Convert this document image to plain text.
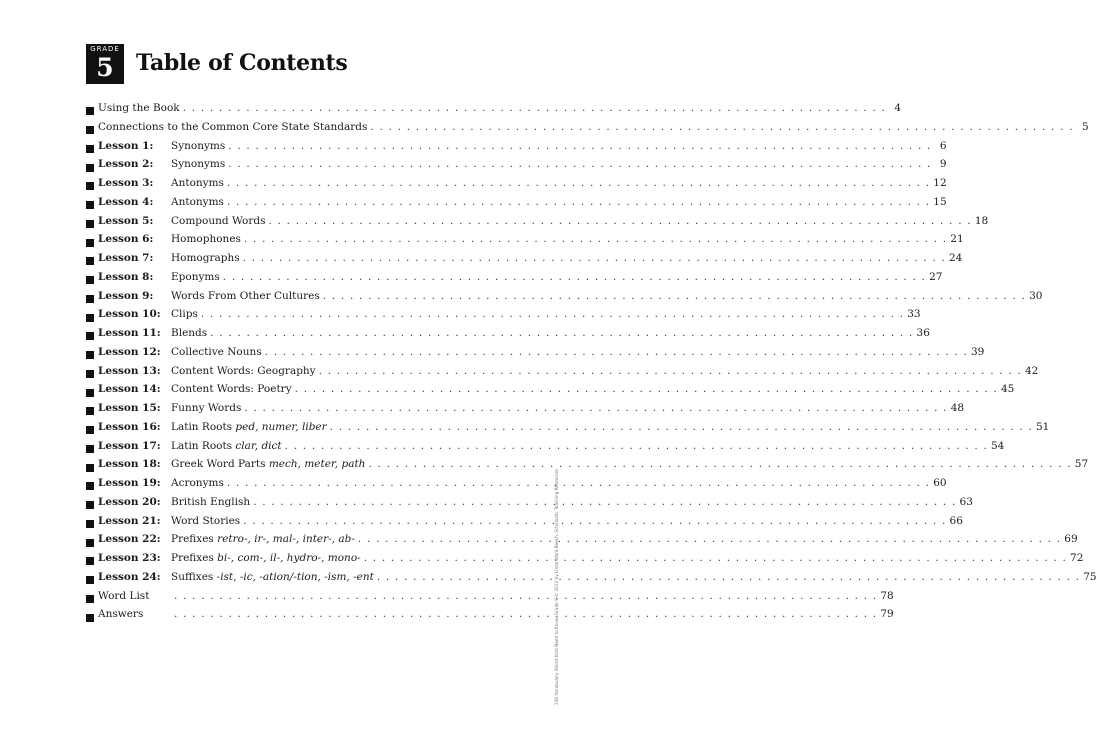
GRADE
5	Table of Contents
Using the Book . . . . . . . . . . . . . . . . . . . . . . . . . . . . . . . . . . . . . . . . . . . . . . . . . . . . . . . . . . . . . . . . . . . . . . . . . . . . . . 4
Connections to the Common Core State Standards . . . . . . . . . . . . . . . . . . . . . . . . . . . . . . . . . . . . . . . . . . . . . . . . . . . . . . . . . . . . . . . . . . . . . . . . . . . . . . 5
Lesson 1:	Synonyms . . . . . . . . . . . . . . . . . . . . . . . . . . . . . . . . . . . . . . . . . . . . . . . . . . . . . . . . . . . . . . . . . . . . . . . . . . . . . . 6
Lesson 2:	Synonyms . . . . . . . . . . . . . . . . . . . . . . . . . . . . . . . . . . . . . . . . . . . . . . . . . . . . . . . . . . . . . . . . . . . . . . . . . . . . . . 9
Lesson 3:	Antonyms . . . . . . . . . . . . . . . . . . . . . . . . . . . . . . . . . . . . . . . . . . . . . . . . . . . . . . . . . . . . . . . . . . . . . . . . . . . . . . 12
Lesson 4:	Antonyms . . . . . . . . . . . . . . . . . . . . . . . . . . . . . . . . . . . . . . . . . . . . . . . . . . . . . . . . . . . . . . . . . . . . . . . . . . . . . . 15
Lesson 5:	Compound Words . . . . . . . . . . . . . . . . . . . . . . . . . . . . . . . . . . . . . . . . . . . . . . . . . . . . . . . . . . . . . . . . . . . . . . . . . . . . . . 18
Lesson 6:	Homophones . . . . . . . . . . . . . . . . . . . . . . . . . . . . . . . . . . . . . . . . . . . . . . . . . . . . . . . . . . . . . . . . . . . . . . . . . . . . . . 21
Lesson 7:	Homographs . . . . . . . . . . . . . . . . . . . . . . . . . . . . . . . . . . . . . . . . . . . . . . . . . . . . . . . . . . . . . . . . . . . . . . . . . . . . . . 24
Lesson 8:	Eponyms . . . . . . . . . . . . . . . . . . . . . . . . . . . . . . . . . . . . . . . . . . . . . . . . . . . . . . . . . . . . . . . . . . . . . . . . . . . . . . 27
Lesson 9:	Words From Other Cultures . . . . . . . . . . . . . . . . . . . . . . . . . . . . . . . . . . . . . . . . . . . . . . . . . . . . . . . . . . . . . . . . . . . . . . . . . . . . . . 30
Lesson 10: Clips . . . . . . . . . . . . . . . . . . . . . . . . . . . . . . . . . . . . . . . . . . . . . . . . . . . . . . . . . . . . . . . . . . . . . . . . . . . . . . 33
Lesson 11: Blends . . . . . . . . . . . . . . . . . . . . . . . . . . . . . . . . . . . . . . . . . . . . . . . . . . . . . . . . . . . . . . . . . . . . . . . . . . . . . . 36
Lesson 12: Collective Nouns . . . . . . . . . . . . . . . . . . . . . . . . . . . . . . . . . . . . . . . . . . . . . . . . . . . . . . . . . . . . . . . . . . . . . . . . . . . . . . 39
Lesson 13: Content Words: Geography . . . . . . . . . . . . . . . . . . . . . . . . . . . . . . . . . . . . . . . . . . . . . . . . . . . . . . . . . . . . . . . . . . . . . . . . . . . . . . 42
Lesson 14: Content Words: Poetry . . . . . . . . . . . . . . . . . . . . . . . . . . . . . . . . . . . . . . . . . . . . . . . . . . . . . . . . . . . . . . . . . . . . . . . . . . . . . . 45
Lesson 15: Funny Words . . . . . . . . . . . . . . . . . . . . . . . . . . . . . . . . . . . . . . . . . . . . . . . . . . . . . . . . . . . . . . . . . . . . . . . . . . . . . . 48
Lesson 16: Latin Roots ped, numer, liber . . . . . . . . . . . . . . . . . . . . . . . . . . . . . . . . . . . . . . . . . . . . . . . . . . . . . . . . . . . . . . . . . . . . . . . . . . . . . . 51
Lesson 17: Latin Roots clar, dict . . . . . . . . . . . . . . . . . . . . . . . . . . . . . . . . . . . . . . . . . . . . . . . . . . . . . . . . . . . . . . . . . . . . . . . . . . . . . . 54
Lesson 18: Greek Word Parts mech, meter, path . . . . . . . . . . . . . . . . . . . . . . . . . . . . . . . . . . . . . . . . . . . . . . . . . . . . . . . . . . . . . . . . . . . . . . . . . . . . . . 57
Lesson 19: Acronyms . . . . . . . . . . . . . . . . . . . . . . . . . . . . . . . . . . . . . . . . . . . . . . . . . . . . . . . . . . . . . . . . . . . . . . . . . . . . . . 60
Lesson 20: British English . . . . . . . . . . . . . . . . . . . . . . . . . . . . . . . . . . . . . . . . . . . . . . . . . . . . . . . . . . . . . . . . . . . . . . . . . . . . . . 63
Lesson 21: Word Stories . . . . . . . . . . . . . . . . . . . . . . . . . . . . . . . . . . . . . . . . . . . . . . . . . . . . . . . . . . . . . . . . . . . . . . . . . . . . . . 66
Lesson 22: Prefixes retro-, ir-, mal-, inter-, ab- . . . . . . . . . . . . . . . . . . . . . . . . . . . . . . . . . . . . . . . . . . . . . . . . . . . . . . . . . . . . . . . . . . . . . . . . . . . . . . 69
Lesson 23: Prefixes bi-, com-, il-, hydro-, mono- . . . . . . . . . . . . . . . . . . . . . . . . . . . . . . . . . . . . . . . . . . . . . . . . . . . . . . . . . . . . . . . . . . . . . . . . . . . . . . 72
Lesson 24: Suffixes -ist, -ic, -ation/-tion, -ism, -ent . . . . . . . . . . . . . . . . . . . . . . . . . . . . . . . . . . . . . . . . . . . . . . . . . . . . . . . . . . . . . . . . . . . . . . . . . . . . . . 75
Word List	. . . . . . . . . . . . . . . . . . . . . . . . . . . . . . . . . . . . . . . . . . . . . . . . . . . . . . . . . . . . . . . . . . . . . . . . . . . . . . 78
Answers	. . . . . . . . . . . . . . . . . . . . . . . . . . . . . . . . . . . . . . . . . . . . . . . . . . . . . . . . . . . . . . . . . . . . . . . . . . . . . . 79
240 Vocabulary Words Kids Need to Know: Grade 5 © 2012 by Linda Ward Beech, Scholastic Teaching Resources
